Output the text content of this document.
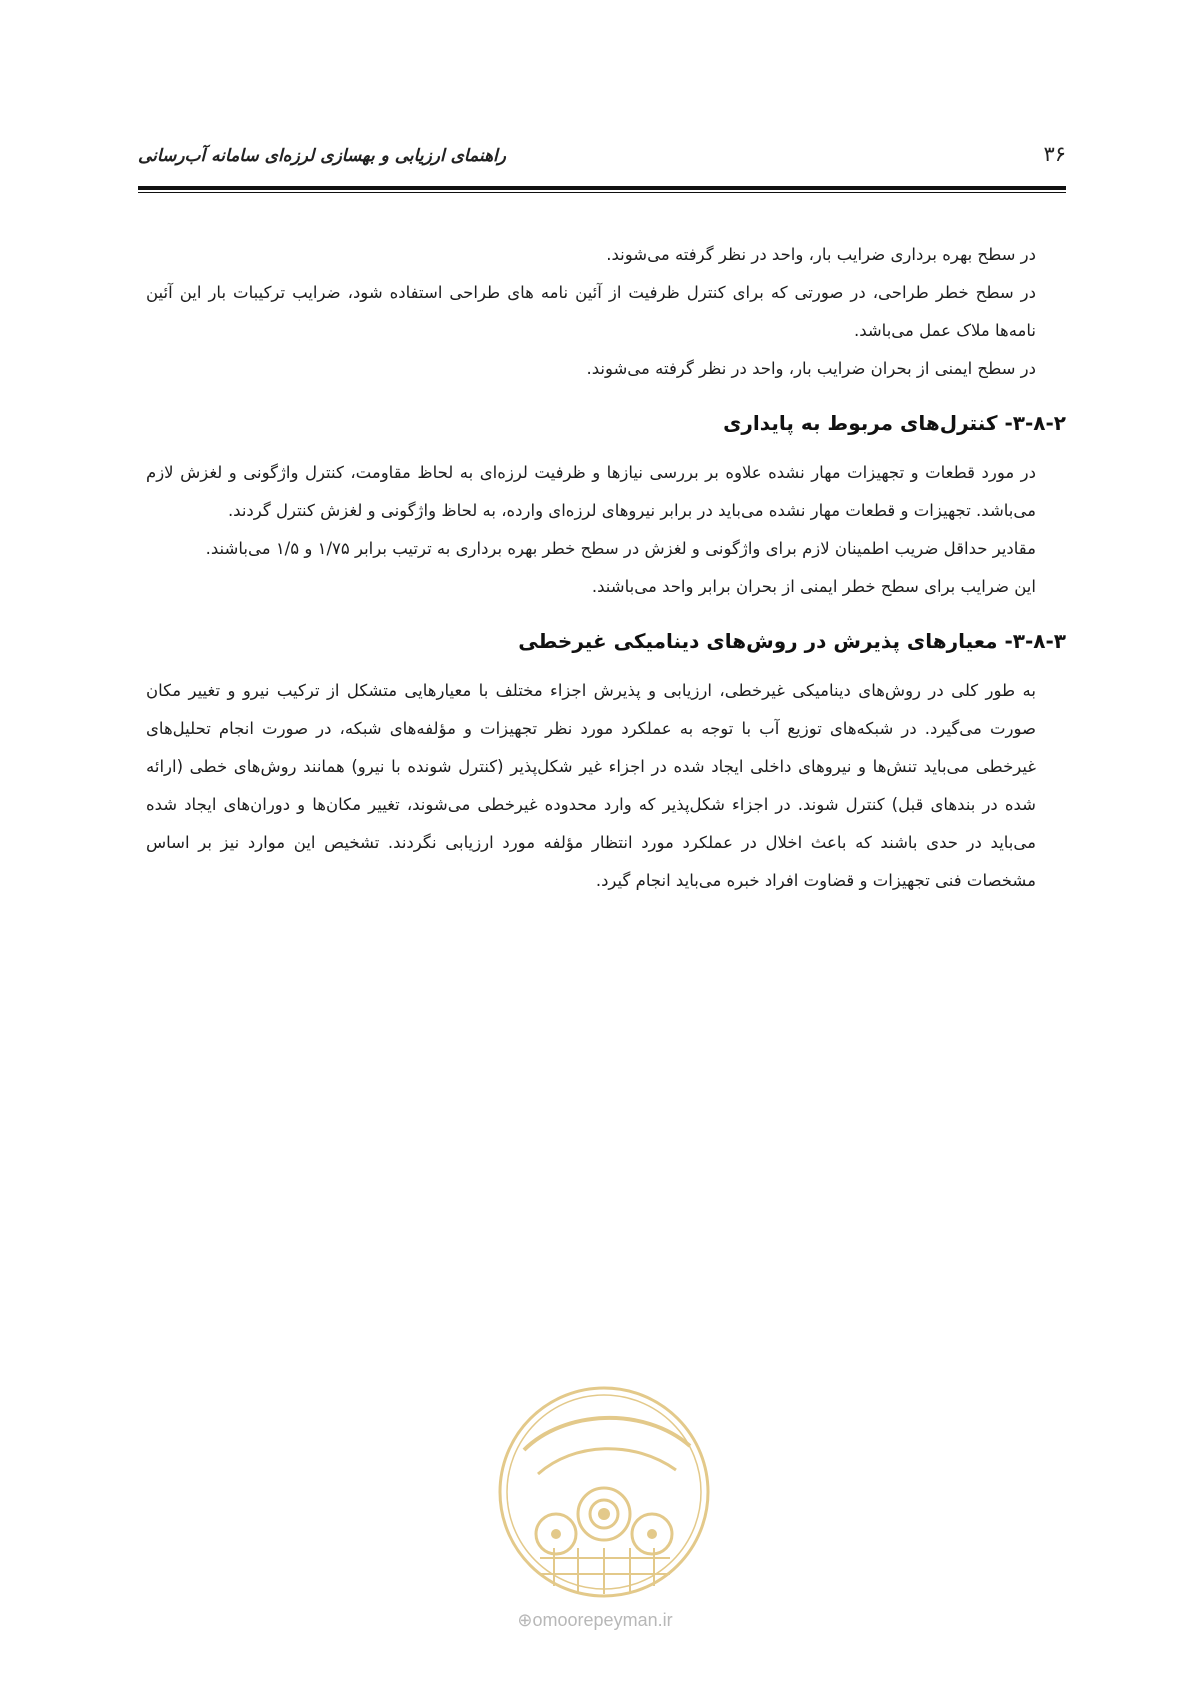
۳۶
راهنمای ارزیابی و بهسازی لرزه‌ای سامانه آب‌رسانی

در سطح بهره برداری ضرایب بار، واحد در نظر گرفته می‌شوند.

در سطح خطر طراحی، در صورتی که برای کنترل ظرفیت از آئین نامه های طراحی استفاده شود، ضرایب ترکیبات بار این آئین نامه‌ها ملاک عمل می‌باشد.

در سطح ایمنی از بحران ضرایب بار، واحد در نظر گرفته می‌شوند.

۳-۸-۲- کنترل‌های مربوط به پایداری

در مورد قطعات و تجهیزات مهار نشده علاوه بر بررسی نیازها و ظرفیت لرزه‌ای به لحاظ مقاومت، کنترل واژگونی و لغزش لازم می‌باشد. تجهیزات و قطعات مهار نشده می‌باید در برابر نیروهای لرزه‌ای وارده، به لحاظ واژگونی و لغزش کنترل گردند.

مقادیر حداقل ضریب اطمینان لازم برای واژگونی و لغزش در سطح خطر بهره برداری به ترتیب برابر ۱/۷۵ و ۱/۵ می‌باشند.

این ضرایب برای سطح خطر ایمنی از بحران برابر واحد می‌باشند.

۳-۸-۳- معیارهای پذیرش در روش‌های دینامیکی غیرخطی

به طور کلی در روش‌های دینامیکی غیرخطی، ارزیابی و پذیرش اجزاء مختلف با معیارهایی متشکل از ترکیب نیرو و تغییر مکان صورت می‌گیرد. در شبکه‌های توزیع آب با توجه به عملکرد مورد نظر تجهیزات و مؤلفه‌های شبکه، در صورت انجام تحلیل‌های غیرخطی می‌باید تنش‌ها و نیروهای داخلی ایجاد شده در اجزاء غیر شکل‌پذیر (کنترل شونده با نیرو) همانند روش‌های خطی (ارائه شده در بندهای قبل) کنترل شوند. در اجزاء شکل‌پذیر که وارد محدوده غیرخطی می‌شوند، تغییر مکان‌ها و دوران‌های ایجاد شده می‌باید در حدی باشند که باعث اخلال در عملکرد مورد انتظار مؤلفه مورد ارزیابی نگردند. تشخیص این موارد نیز بر اساس مشخصات فنی تجهیزات و قضاوت افراد خبره می‌باید انجام گیرد.

⊕omoorepeyman.ir
